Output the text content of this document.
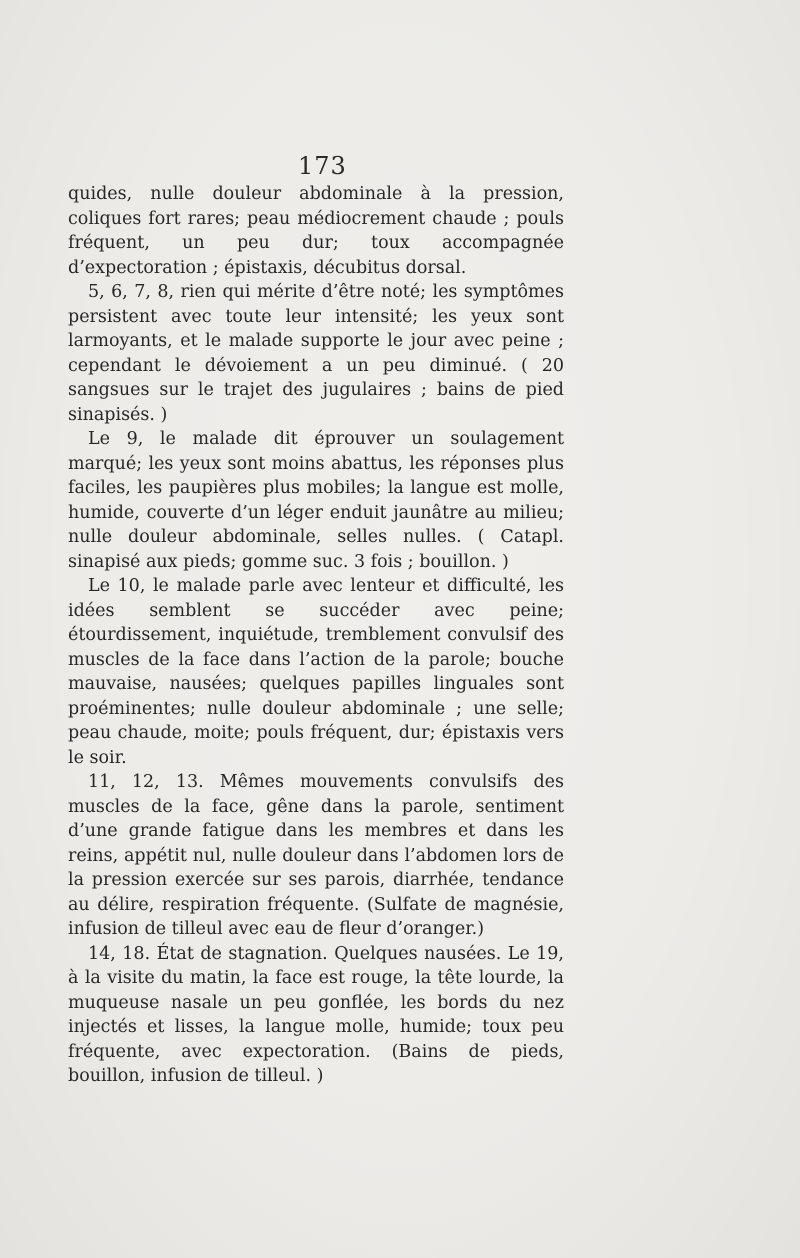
173

quides, nulle douleur abdominale à la pression, coliques fort rares; peau médiocrement chaude ; pouls fréquent, un peu dur; toux accompagnée d’expectoration ; épistaxis, décubitus dorsal.

5, 6, 7, 8, rien qui mérite d’être noté; les symptômes persistent avec toute leur intensité; les yeux sont larmoyants, et le malade supporte le jour avec peine ; cependant le dévoiement a un peu diminué. ( 20 sangsues sur le trajet des jugulaires ; bains de pied sinapisés. )

Le 9, le malade dit éprouver un soulagement marqué; les yeux sont moins abattus, les réponses plus faciles, les paupières plus mobiles; la langue est molle, humide, couverte d’un léger enduit jaunâtre au milieu; nulle douleur abdominale, selles nulles. ( Catapl. sinapisé aux pieds; gomme suc. 3 fois ; bouillon. )

Le 10, le malade parle avec lenteur et difficulté, les idées semblent se succéder avec peine; étourdissement, inquiétude, tremblement convulsif des muscles de la face dans l’action de la parole; bouche mauvaise, nausées; quelques papilles linguales sont proéminentes; nulle douleur abdominale ; une selle; peau chaude, moite; pouls fréquent, dur; épistaxis vers le soir.

11, 12, 13. Mêmes mouvements convulsifs des muscles de la face, gêne dans la parole, sentiment d’une grande fatigue dans les membres et dans les reins, appétit nul, nulle douleur dans l’abdomen lors de la pression exercée sur ses parois, diarrhée, tendance au délire, respiration fréquente. (Sulfate de magnésie, infusion de tilleul avec eau de fleur d’oranger.)

14, 18. État de stagnation. Quelques nausées. Le 19, à la visite du matin, la face est rouge, la tête lourde, la muqueuse nasale un peu gonflée, les bords du nez injectés et lisses, la langue molle, humide; toux peu fréquente, avec expectoration. (Bains de pieds, bouillon, infusion de tilleul. )
